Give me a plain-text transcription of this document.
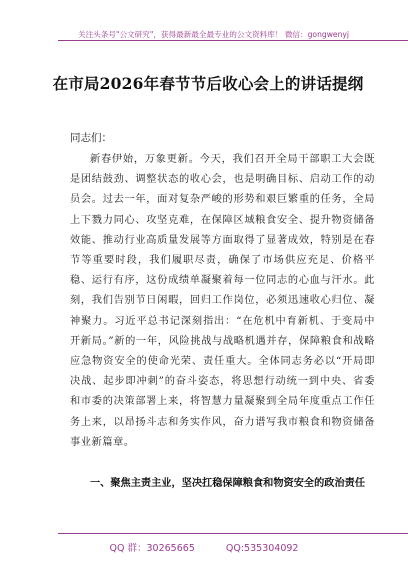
关注头条号"公文研究"，获得最新最全最专业的公文资料库！ 微信：gongwenyj
在市局2026年春节节后收心会上的讲话提纲
同志们：
新春伊始，万象更新。今天，我们召开全局干部职工大会既是团结鼓劲、调整状态的收心会，也是明确目标、启动工作的动员会。过去一年，面对复杂严峻的形势和艰巨繁重的任务，全局上下戮力同心、攻坚克难，在保障区域粮食安全、提升物资储备效能、推动行业高质量发展等方面取得了显著成效，特别是在春节等重要时段，我们履职尽责，确保了市场供应充足、价格平稳、运行有序，这份成绩单凝聚着每一位同志的心血与汗水。此刻，我们告别节日闲暇，回归工作岗位，必须迅速收心归位、凝神聚力。习近平总书记深刻指出：“在危机中育新机、于变局中开新局。”新的一年，风险挑战与战略机遇并存，保障粮食和战略应急物资安全的使命光荣、责任重大。全体同志务必以“开局即决战、起步即冲刺”的奋斗姿态，将思想行动统一到中央、省委和市委的决策部署上来，将智慧力量凝聚到全局年度重点工作任务上来，以昂扬斗志和务实作风，奋力谱写我市粮食和物资储备事业新篇章。
一、聚焦主责主业，坚决扛稳保障粮食和物资安全的政治责任
QQ 群：30265665	QQ:535304092
